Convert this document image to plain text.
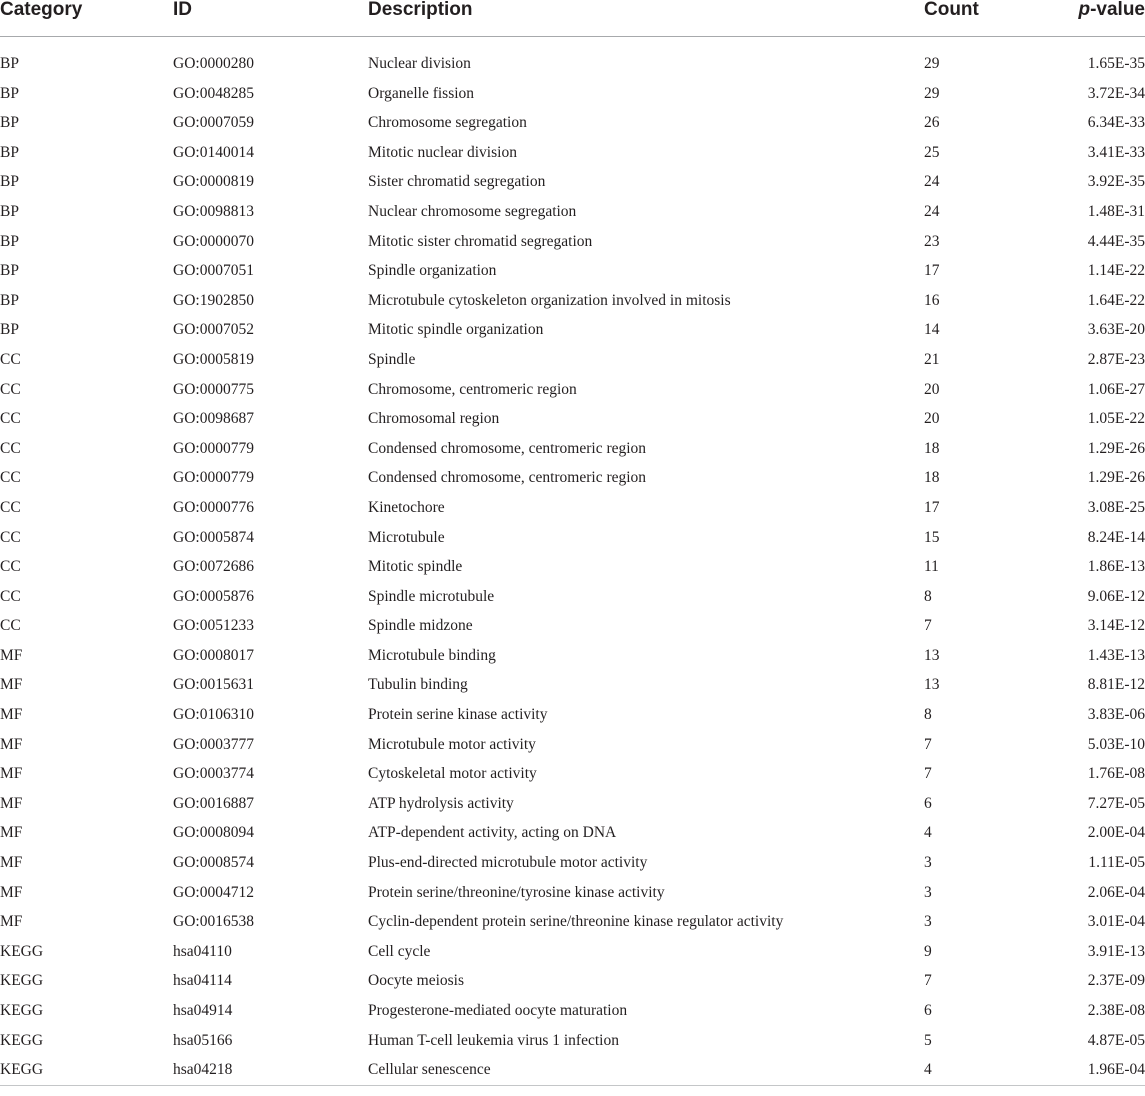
Category	ID	Description	Count	p-value

BP	GO:0000280	Nuclear division	29	1.65E-35
BP	GO:0048285	Organelle fission	29	3.72E-34
BP	GO:0007059	Chromosome segregation	26	6.34E-33
BP	GO:0140014	Mitotic nuclear division	25	3.41E-33
BP	GO:0000819	Sister chromatid segregation	24	3.92E-35
BP	GO:0098813	Nuclear chromosome segregation	24	1.48E-31
BP	GO:0000070	Mitotic sister chromatid segregation	23	4.44E-35
BP	GO:0007051	Spindle organization	17	1.14E-22
BP	GO:1902850	Microtubule cytoskeleton organization involved in mitosis	16	1.64E-22
BP	GO:0007052	Mitotic spindle organization	14	3.63E-20
CC	GO:0005819	Spindle	21	2.87E-23
CC	GO:0000775	Chromosome, centromeric region	20	1.06E-27
CC	GO:0098687	Chromosomal region	20	1.05E-22
CC	GO:0000779	Condensed chromosome, centromeric region	18	1.29E-26
CC	GO:0000779	Condensed chromosome, centromeric region	18	1.29E-26
CC	GO:0000776	Kinetochore	17	3.08E-25
CC	GO:0005874	Microtubule	15	8.24E-14
CC	GO:0072686	Mitotic spindle	11	1.86E-13
CC	GO:0005876	Spindle microtubule	8	9.06E-12
CC	GO:0051233	Spindle midzone	7	3.14E-12
MF	GO:0008017	Microtubule binding	13	1.43E-13
MF	GO:0015631	Tubulin binding	13	8.81E-12
MF	GO:0106310	Protein serine kinase activity	8	3.83E-06
MF	GO:0003777	Microtubule motor activity	7	5.03E-10
MF	GO:0003774	Cytoskeletal motor activity	7	1.76E-08
MF	GO:0016887	ATP hydrolysis activity	6	7.27E-05
MF	GO:0008094	ATP-dependent activity, acting on DNA	4	2.00E-04
MF	GO:0008574	Plus-end-directed microtubule motor activity	3	1.11E-05
MF	GO:0004712	Protein serine/threonine/tyrosine kinase activity	3	2.06E-04
MF	GO:0016538	Cyclin-dependent protein serine/threonine kinase regulator activity	3	3.01E-04
KEGG	hsa04110	Cell cycle	9	3.91E-13
KEGG	hsa04114	Oocyte meiosis	7	2.37E-09
KEGG	hsa04914	Progesterone-mediated oocyte maturation	6	2.38E-08
KEGG	hsa05166	Human T-cell leukemia virus 1 infection	5	4.87E-05
KEGG	hsa04218	Cellular senescence	4	1.96E-04
